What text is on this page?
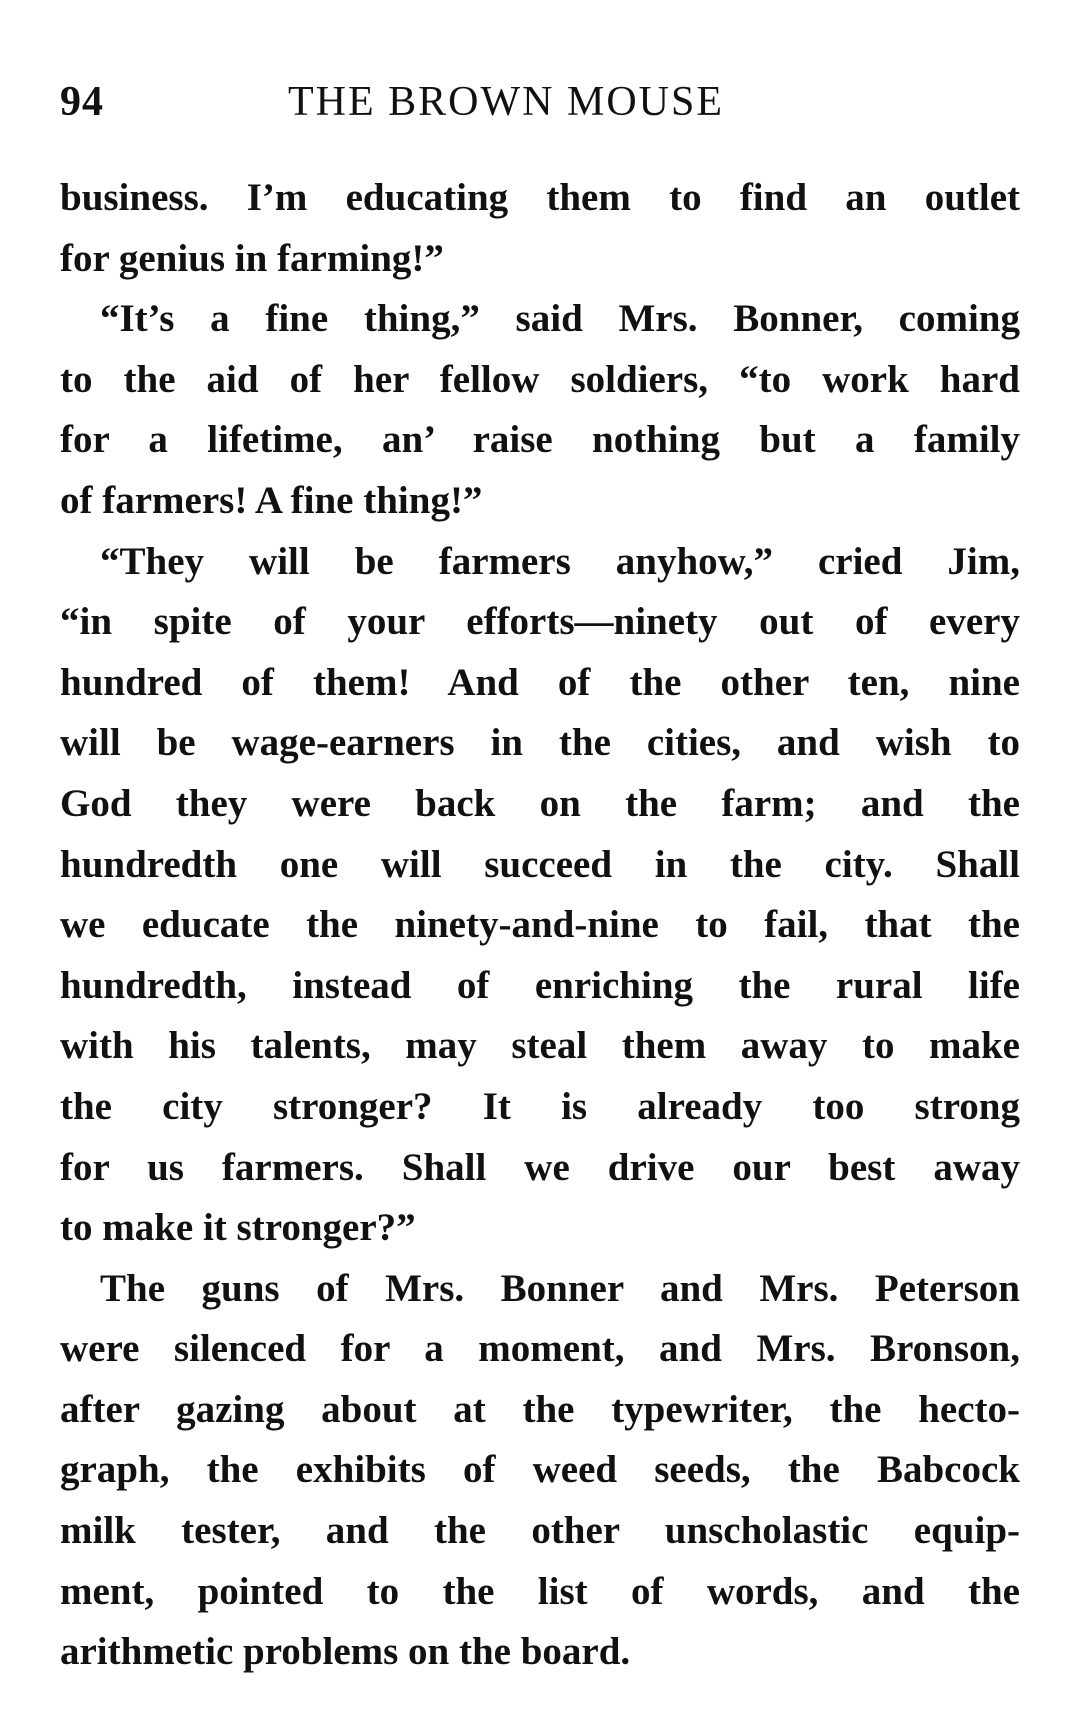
94	THE BROWN MOUSE

business. I’m educating them to find an outlet
for genius in farming!”

“It’s a fine thing,” said Mrs. Bonner, coming
to the aid of her fellow soldiers, “to work hard
for a lifetime, an’ raise nothing but a family
of farmers! A fine thing!”

“They will be farmers anyhow,” cried Jim,
“in spite of your efforts—ninety out of every
hundred of them! And of the other ten, nine
will be wage-earners in the cities, and wish to
God they were back on the farm; and the
hundredth one will succeed in the city. Shall
we educate the ninety-and-nine to fail, that the
hundredth, instead of enriching the rural life
with his talents, may steal them away to make
the city stronger? It is already too strong
for us farmers. Shall we drive our best away
to make it stronger?”

The guns of Mrs. Bonner and Mrs. Peterson
were silenced for a moment, and Mrs. Bronson,
after gazing about at the typewriter, the hecto-
graph, the exhibits of weed seeds, the Babcock
milk tester, and the other unscholastic equip-
ment, pointed to the list of words, and the
arithmetic problems on the board.
